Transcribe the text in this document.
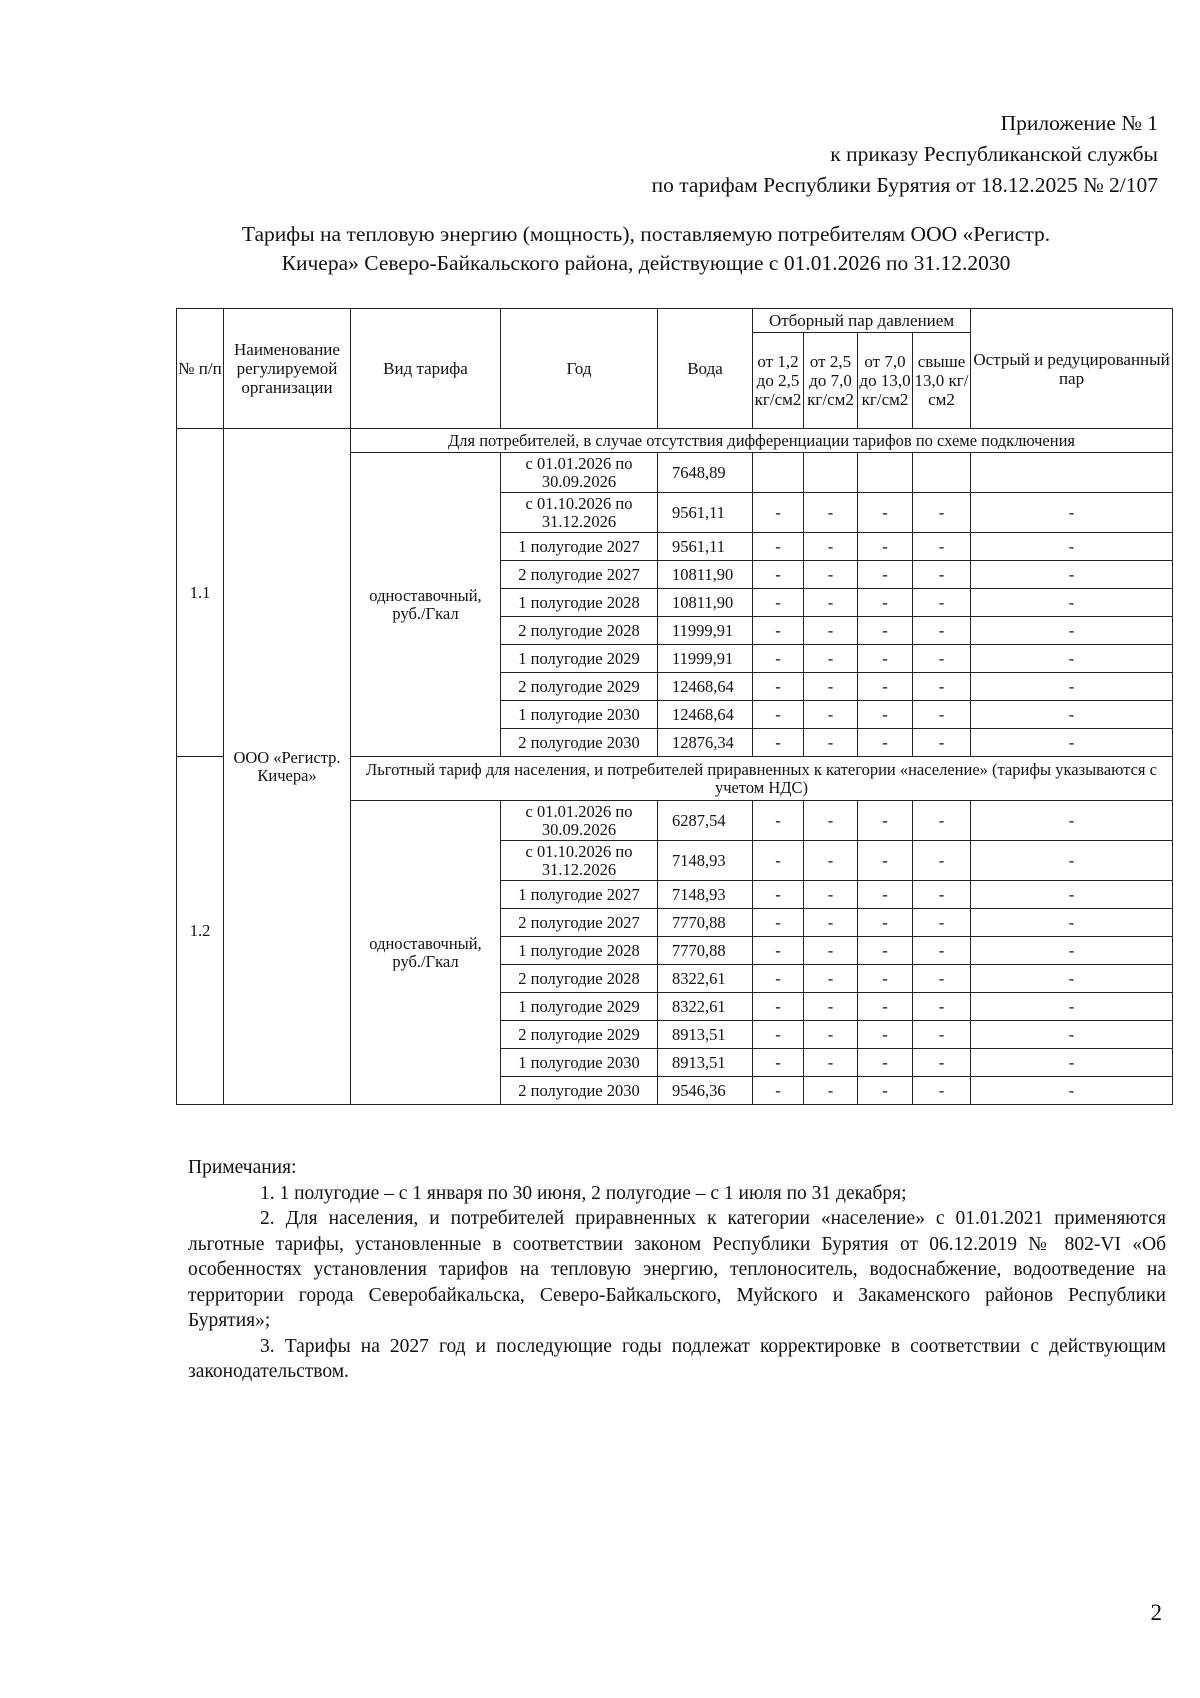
Приложение № 1
к приказу Республиканской службы
по тарифам Республики Бурятия от 18.12.2025 № 2/107
Тарифы на тепловую энергию (мощность), поставляемую потребителям ООО «Регистр.
Кичера» Северо-Байкальского района, действующие с 01.01.2026 по 31.12.2030
№ п/п	Наименование регулируемой организации	Вид тарифа	Год	Вода	Отборный пар давлением				Острый и редуцированный пар
					от 1,2 до 2,5 кг/см2	от 2,5 до 7,0 кг/см2	от 7,0 до 13,0 кг/см2	свыше 13,0 кг/см2	
1.1	ООО «Регистр. Кичера»	Для потребителей, в случае отсутствия дифференциации тарифов по схеме подключения							
		одноставочный, руб./Гкал	с 01.01.2026 по 30.09.2026	7648,89					
			с 01.10.2026 по 31.12.2026	9561,11	-	-	-	-	-
			1 полугодие 2027	9561,11	-	-	-	-	-
			2 полугодие 2027	10811,90	-	-	-	-	-
			1 полугодие 2028	10811,90	-	-	-	-	-
			2 полугодие 2028	11999,91	-	-	-	-	-
			1 полугодие 2029	11999,91	-	-	-	-	-
			2 полугодие 2029	12468,64	-	-	-	-	-
			1 полугодие 2030	12468,64	-	-	-	-	-
			2 полугодие 2030	12876,34	-	-	-	-	-
1.2		Льготный тариф для населения, и потребителей приравненных к категории «население» (тарифы указываются с учетом НДС)							
		одноставочный, руб./Гкал	с 01.01.2026 по 30.09.2026	6287,54	-	-	-	-	-
			с 01.10.2026 по 31.12.2026	7148,93	-	-	-	-	-
			1 полугодие 2027	7148,93	-	-	-	-	-
			2 полугодие 2027	7770,88	-	-	-	-	-
			1 полугодие 2028	7770,88	-	-	-	-	-
			2 полугодие 2028	8322,61	-	-	-	-	-
			1 полугодие 2029	8322,61	-	-	-	-	-
			2 полугодие 2029	8913,51	-	-	-	-	-
			1 полугодие 2030	8913,51	-	-	-	-	-
			2 полугодие 2030	9546,36	-	-	-	-	-

Примечания:

1. 1 полугодие – с 1 января по 30 июня, 2 полугодие – с 1 июля по 31 декабря;

2. Для населения, и потребителей приравненных к категории «население» с 01.01.2021 применяются льготные тарифы, установленные в соответствии законом Республики Бурятия от 06.12.2019 № 802-VI «Об особенностях установления тарифов на тепловую энергию, теплоноситель, водоснабжение, водоотведение на территории города Северобайкальска, Северо-Байкальского, Муйского и Закаменского районов Республики Бурятия»;

3. Тарифы на 2027 год и последующие годы подлежат корректировке в соответствии с действующим законодательством.

2
